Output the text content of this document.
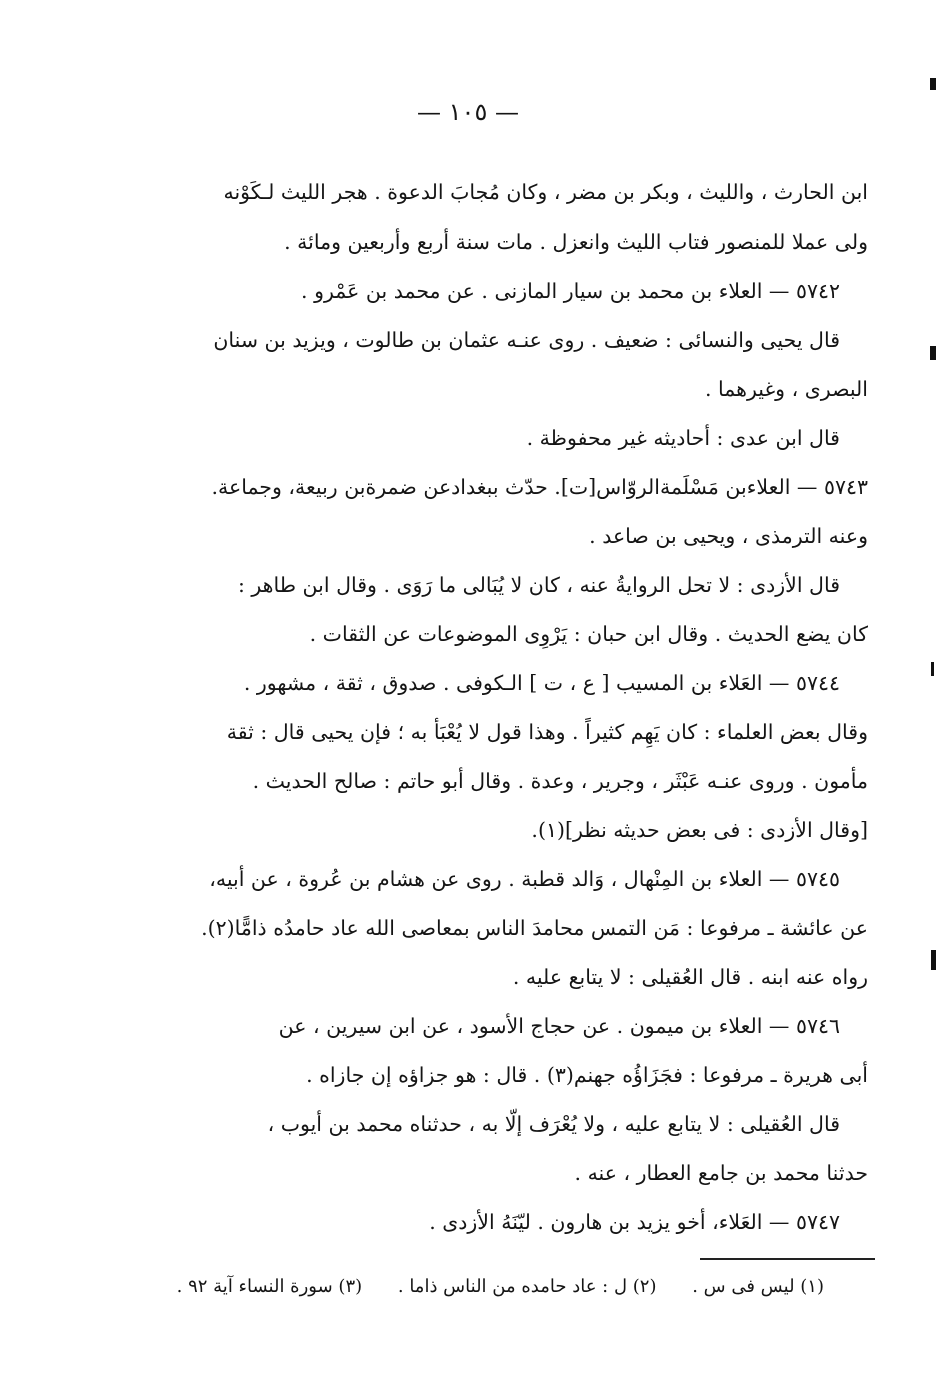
— ١٠٥ —
ابن الحارث ، والليث ، وبكر بن مضر ، وكان مُجابَ الدعوة . هجر الليث لـكَوْنه
ولى عملا للمنصور فتاب الليث وانعزل . مات سنة أربع وأربعين ومائة .
٥٧٤٢ — العلاء بن محمد بن سيار المازنى . عن محمد بن عَمْرو .
قال يحيى والنسائى : ضعيف . روى عنـه عثمان بن طالوت ، ويزيد بن سنان
البصرى ، وغيرهما .
قال ابن عدى : أحاديثه غير محفوظة .
٥٧٤٣ — العلاءبن مَسْلَمةالروّاس[ت]. حدّث ببغدادعن ضمرةبن ربيعة، وجماعة.
وعنه الترمذى ، ويحيى بن صاعد .
قال الأزدى : لا تحل الروايةُ عنه ، كان لا يُبَالى ما رَوَى . وقال ابن طاهر :
كان يضع الحديث . وقال ابن حبان : يَرْوِى الموضوعات عن الثقات .
٥٧٤٤ — العَلاء بن المسيب [ ع ، ت ] الـكوفى . صدوق ، ثقة ، مشهور .
وقال بعض العلماء : كان يَهِم كثيراً . وهذا قول لا يُعْبَأ به ؛ فإن يحيى قال : ثقة
مأمون . وروى عنـه عَبْثَر ، وجرير ، وعدة . وقال أبو حاتم : صالح الحديث .
[وقال الأزدى : فى بعض حديثه نظر](١).
٥٧٤٥ — العلاء بن المِنْهال ، وَالد قطبة . روى عن هشام بن عُروة ، عن أبيه،
عن عائشة ـ مرفوعا : مَن التمس محامدَ الناس بمعاصى الله عاد حامدُه ذامًّا(٢).
رواه عنه ابنه . قال العُقيلى : لا يتابع عليه .
٥٧٤٦ — العلاء بن ميمون . عن حجاج الأسود ، عن ابن سيرين ، عن
أبى هريرة ـ مرفوعا : فجَزَاؤُه جهنم(٣) . قال : هو جزاؤه إن جازاه .
قال العُقيلى : لا يتابع عليه ، ولا يُعْرَف إلّا به ، حدثناه محمد بن أيوب ،
حدثنا محمد بن جامع العطار ، عنه .
٥٧٤٧ — العَلاء، أخو يزيد بن هارون . ليّنَهُ الأزدى .
(١) ليس فى س . (٢) ل : عاد حامده من الناس ذاما . (٣) سورة النساء آية ٩٢ .
